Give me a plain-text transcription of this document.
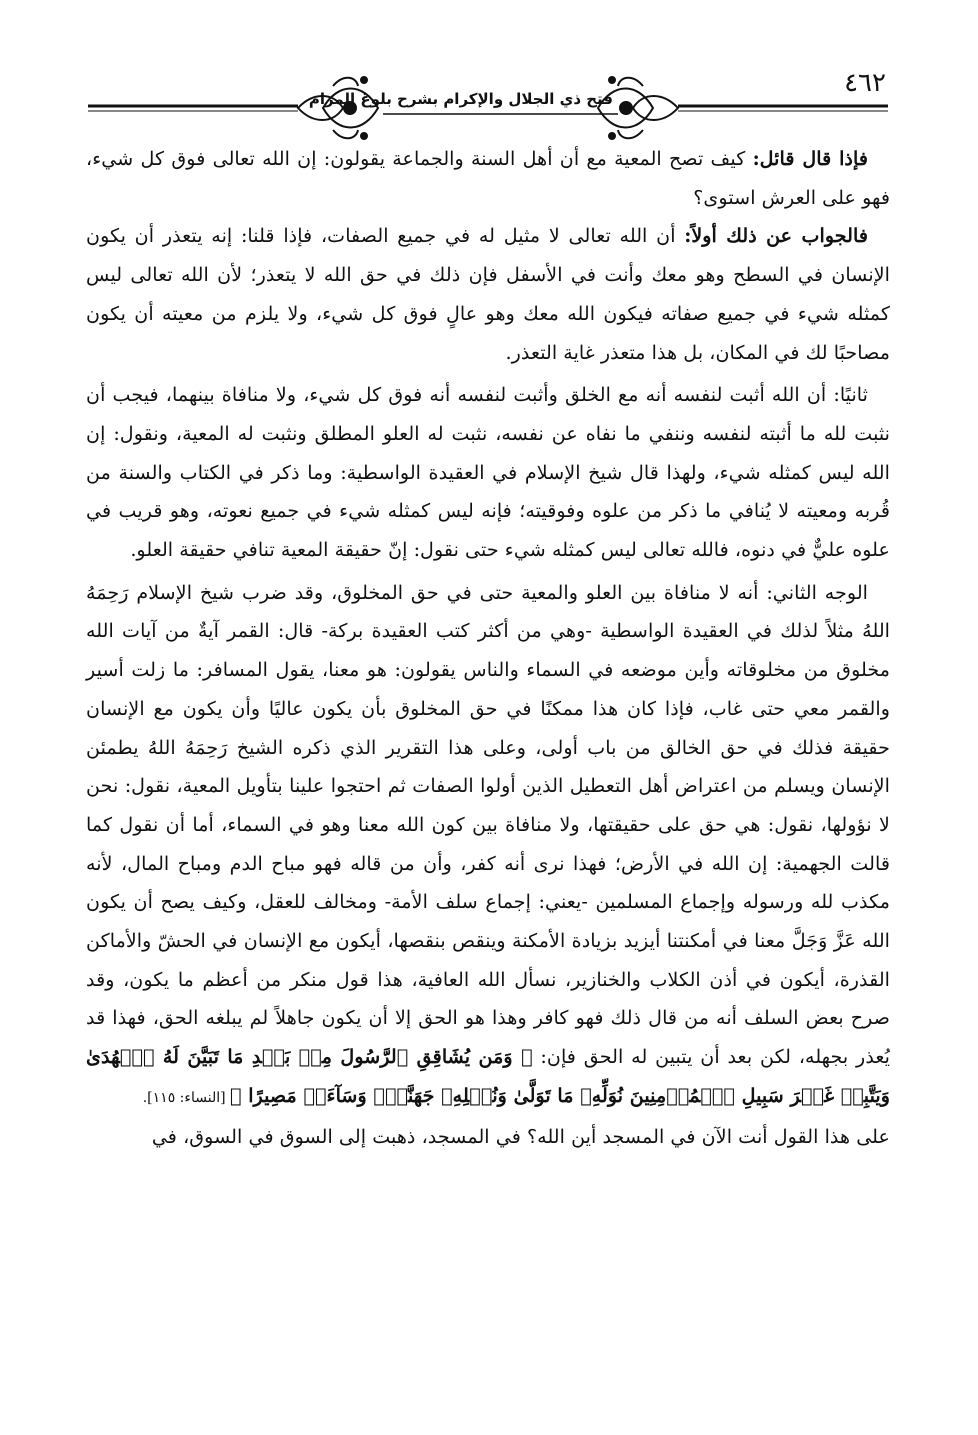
٤٦٢
فتح ذي الجلال والإكرام بشرح بلوغ المرام

فإذا قال قائل: كيف تصح المعية مع أن أهل السنة والجماعة يقولون: إن الله تعالى فوق كل شيء، فهو على العرش استوى؟

فالجواب عن ذلك أولاً: أن الله تعالى لا مثيل له في جميع الصفات، فإذا قلنا: إنه يتعذر أن يكون الإنسان في السطح وهو معك وأنت في الأسفل فإن ذلك في حق الله لا يتعذر؛ لأن الله تعالى ليس كمثله شيء في جميع صفاته فيكون الله معك وهو عالٍ فوق كل شيء، ولا يلزم من معيته أن يكون مصاحبًا لك في المكان، بل هذا متعذر غاية التعذر.

ثانيًا: أن الله أثبت لنفسه أنه مع الخلق وأثبت لنفسه أنه فوق كل شيء، ولا منافاة بينهما، فيجب أن نثبت لله ما أثبته لنفسه وننفي ما نفاه عن نفسه، نثبت له العلو المطلق ونثبت له المعية، ونقول: إن الله ليس كمثله شيء، ولهذا قال شيخ الإسلام في العقيدة الواسطية: وما ذكر في الكتاب والسنة من قُربه ومعيته لا يُنافي ما ذكر من علوه وفوقيته؛ فإنه ليس كمثله شيء في جميع نعوته، وهو قريب في علوه عليٌّ في دنوه، فالله تعالى ليس كمثله شيء حتى نقول: إنّ حقيقة المعية تنافي حقيقة العلو.

الوجه الثاني: أنه لا منافاة بين العلو والمعية حتى في حق المخلوق، وقد ضرب شيخ الإسلام رَحِمَهُ اللهُ مثلاً لذلك في العقيدة الواسطية -وهي من أكثر كتب العقيدة بركة- قال: القمر آيةٌ من آيات الله مخلوق من مخلوقاته وأين موضعه في السماء والناس يقولون: هو معنا، يقول المسافر: ما زلت أسير والقمر معي حتى غاب، فإذا كان هذا ممكنًا في حق المخلوق بأن يكون عاليًا وأن يكون مع الإنسان حقيقة فذلك في حق الخالق من باب أولى، وعلى هذا التقرير الذي ذكره الشيخ رَحِمَهُ اللهُ يطمئن الإنسان ويسلم من اعتراض أهل التعطيل الذين أولوا الصفات ثم احتجوا علينا بتأويل المعية، نقول: نحن لا نؤولها، نقول: هي حق على حقيقتها، ولا منافاة بين كون الله معنا وهو في السماء، أما أن نقول كما قالت الجهمية: إن الله في الأرض؛ فهذا نرى أنه كفر، وأن من قاله فهو مباح الدم ومباح المال، لأنه مكذب لله ورسوله وإجماع المسلمين -يعني: إجماع سلف الأمة- ومخالف للعقل، وكيف يصح أن يكون الله عَزَّ وَجَلَّ معنا في أمكنتنا أيزيد بزيادة الأمكنة وينقص بنقصها، أيكون مع الإنسان في الحشّ والأماكن القذرة، أيكون في أذن الكلاب والخنازير، نسأل الله العافية، هذا قول منكر من أعظم ما يكون، وقد صرح بعض السلف أنه من قال ذلك فهو كافر وهذا هو الحق إلا أن يكون جاهلاً لم يبلغه الحق، فهذا قد يُعذر بجهله، لكن بعد أن يتبين له الحق فإن: ﴿ وَمَن يُشَاقِقِ ٱلرَّسُولَ مِنۢ بَعۡدِ مَا تَبَيَّنَ لَهُ ٱلۡهُدَىٰ وَيَتَّبِعۡ غَيۡرَ سَبِيلِ ٱلۡمُؤۡمِنِينَ نُوَلِّهِۦ مَا تَوَلَّىٰ وَنُصۡلِهِۦ جَهَنَّمَۖ وَسَآءَتۡ مَصِيرًا ﴾ [النساء: ١١٥].
على هذا القول أنت الآن في المسجد أين الله؟ في المسجد، ذهبت إلى السوق في السوق، في
